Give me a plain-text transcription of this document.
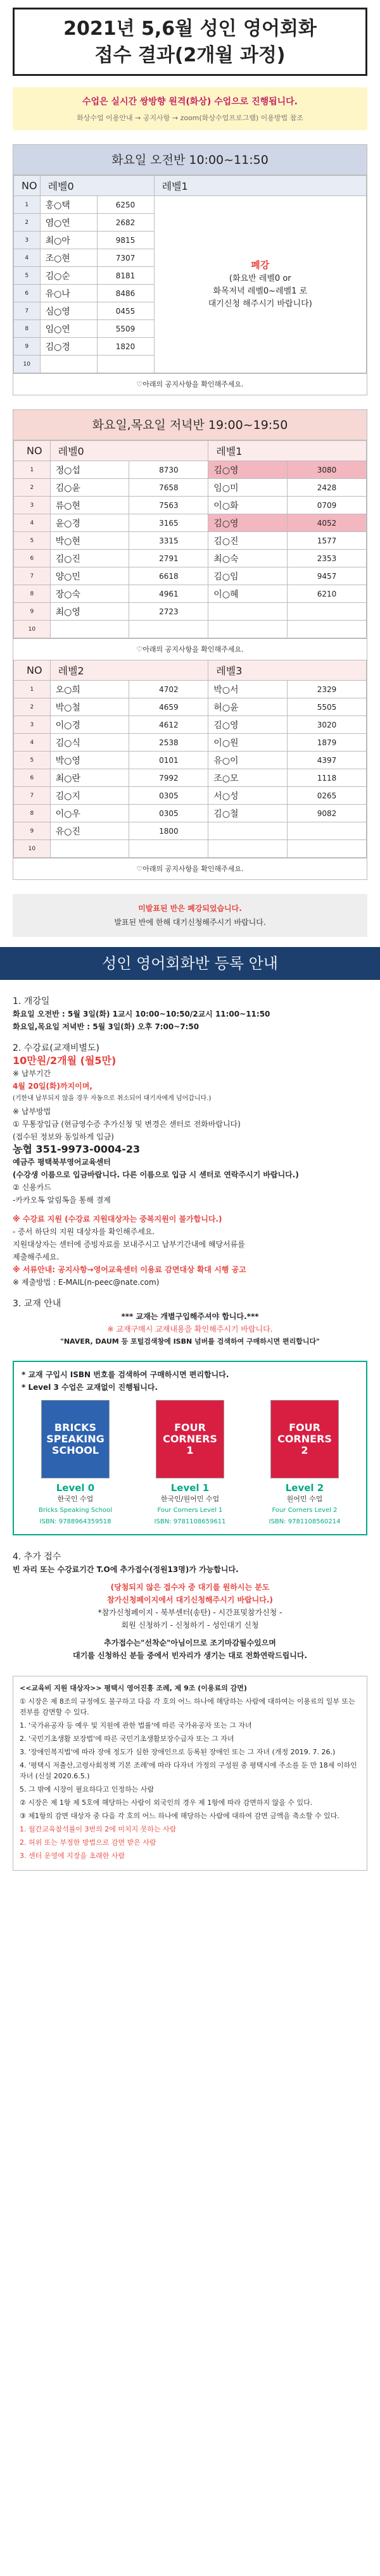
2021년 5,6월 성인 영어회화
접수 결과(2개월 과정)
수업은 실시간 쌍방향 원격(화상) 수업으로 진행됩니다.
화상수업 이용안내 → 공지사항 → zoom(화상수업프로그램) 이용방법 참조
화요일 오전반 10:00~11:50
NO	레벨0		레벨1
1	홍○택	6250	폐강
(화요반 레벨0 or
화목저녁 레벨0~레벨1 로
대기신청 해주시기 바랍니다)

2	염○연	2682	
3	최○아	9815	
4	조○현	7307	
5	김○순	8181	
6	유○나	8486	
7	심○영	0455	
8	임○연	5509	
9	김○경	1820	
10			
♡아래의 공지사항을 확인해주세요.
화요일,목요일 저녁반 19:00~19:50
NO	레벨0		레벨1	
1	정○섭	8730	김○영	3080
2	김○윤	7658	임○미	2428
3	류○현	7563	이○화	0709
4	윤○경	3165	김○영	4052
5	박○현	3315	김○진	1577
6	김○진	2791	최○숙	2353
7	양○민	6618	김○임	9457
8	장○숙	4961	이○혜	6210
9	최○영	2723		
10				
♡아래의 공지사항을 확인해주세요.
NO	레벨2		레벨3	
1	오○희	4702	박○서	2329
2	박○철	4659	허○윤	5505
3	이○경	4612	김○영	3020
4	김○식	2538	이○원	1879
5	박○영	0101	유○이	4397
6	최○란	7992	조○모	1118
7	김○지	0305	서○성	0265
8	이○우	0305	김○철	9082
9	유○진	1800		
10				
♡아래의 공지사항을 확인해주세요.
미발표된 반은 폐강되었습니다.
발표된 반에 한해 대기신청해주시기 바랍니다.
성인 영어회화반 등록 안내
1. 개강일
화요일 오전반 : 5월 3일(화) 1교시 10:00~10:50/2교시 11:00~11:50
화요일,목요일 저녁반 : 5월 3일(화) 오후 7:00~7:50
2. 수강료(교재비별도)
10만원/2개월 (월5만)
※ 납부기간
4월 20일(화)까지이며,
(기한내 납부되지 않을 경우 자동으로 취소되어 대기자에게 넘어갑니다.)
※ 납부방법
① 무통장입금 (현금영수증 추가신청 및 변경은 센터로 전화바랍니다)
(접수된 정보와 동일하게 입금)
농협 351-9973-0004-23
예금주 평택북부영어교육센터
(수강생 이름으로 입금바랍니다. 다른 이름으로 입금 시 센터로 연락주시기 바랍니다.)
② 신용카드
-카카오톡 알림톡을 통해 결제
※ 수강료 지원 (수강료 지원대상자는 중복지원이 불가합니다.)
- 증서 하단의 지원 대상자를 확인해주세요.
지원대상자는 센터에 증빙자료를 보내주시고 납부기간내에 해당서류를
제출해주세요.
※ 서류안내: 공지사항→영어교육센터 이용료 감면대상 확대 시행 공고
※ 제출방법 : E-MAIL(n-peec@nate.com)
3. 교재 안내
*** 교재는 개별구입해주셔야 합니다.***
※ 교재구매시 교재내용을 확인해주시기 바랍니다.
"NAVER, DAUM 등 포털검색창에 ISBN 넘버를 검색하여 구매하시면 편리합니다"
* 교재 구입시 ISBN 번호를 검색하여 구매하시면 편리합니다.
* Level 3 수업은 교재없이 진행됩니다.
BRICKS
SPEAKING
SCHOOL
Level 0
한국인 수업
Bricks Speaking School
ISBN: 9788964359518
FOUR
CORNERS
1
Level 1
한국인/원어민 수업
Four Corners Level 1
ISBN: 9781108659611
FOUR
CORNERS
2
Level 2
원어민 수업
Four Corners Level 2
ISBN: 9781108560214
4. 추가 접수
빈 자리 또는 수강료기간 T.O에 추가접수(정원13명)가 가능합니다.
(당첨되지 않은 접수자 중 대기를 원하시는 분도
참가신청페이지에서 대기신청해주시기 바랍니다.)
*참가신청페이지 - 북부센터(송탄) - 시간표및참가신청 -
회원 신청하기 - 신청하기 - 성인대기 신청
추가접수는"선착순"아님이므로 조기마감될수있으며
대기를 신청하신 분들 중에서 빈자리가 생기는 대로 전화연락드립니다.

<<교육비 지원 대상자>> 평택시 영어진흥 조례, 제 9조 (이용료의 감면)

① 시장은 제 8조의 규정에도 불구하고 다음 각 호의 어느 하나에 해당하는 사람에 대하여는 이용료의 일부 또는 전부를 감면할 수 있다.

1. '국가유공자 등 예우 및 지원에 관한 법률'에 따른 국가유공자 또는 그 자녀

2. '국민기초생활 보장법'에 따른 국민기초생활보장수급자 또는 그 자녀

3. '장애인복지법'에 따라 장애 정도가 심한 장애인으로 등록된 장애인 또는 그 자녀 (개정 2019. 7. 26.)

4. '평택시 저출산,고령사회정책 기본 조례'에 따라 다자녀 가정의 구성원 중 평택시에 주소를 둔 만 18세 이하인 자녀 (신설 2020.6.5.)

5. 그 밖에 시장이 필요하다고 인정하는 사람

② 시장은 제 1항 제 5호에 해당하는 사람이 외국인의 경우 제 1항에 따라 감면하지 않을 수 있다.

③ 제1항의 감면 대상자 중 다음 각 호의 어느 하나에 해당하는 사람에 대하여 감면 금액을 축소할 수 있다.

1. 월간교육참석률이 3번의 2에 미치지 못하는 사람

2. 허위 또는 부정한 방법으로 감면 받은 사람

3. 센터 운영에 지장을 초래한 사람
